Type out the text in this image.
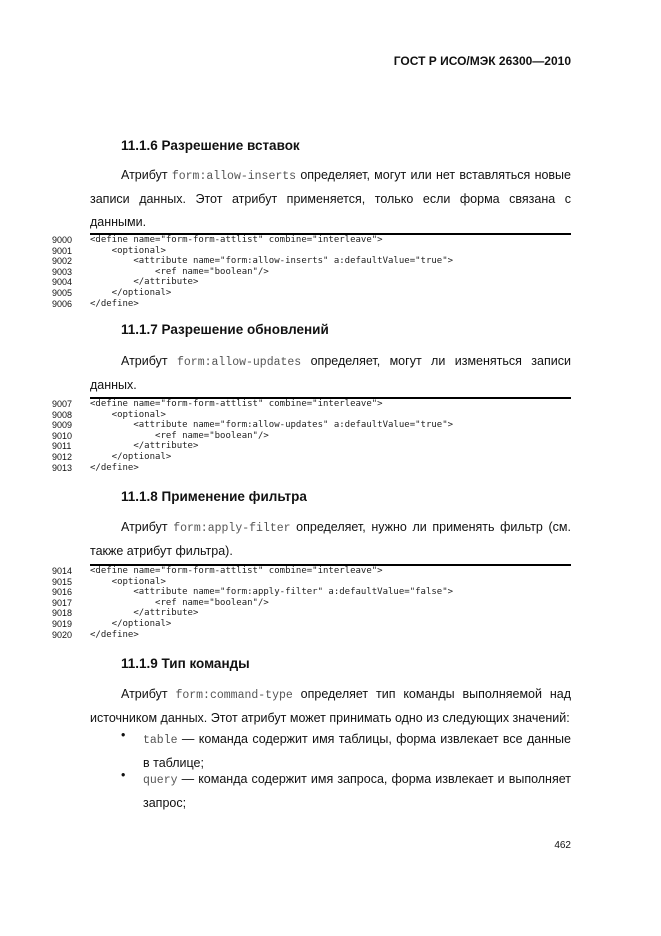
ГОСТ Р ИСО/МЭК 26300—2010
11.1.6 Разрешение вставок
Атрибут form:allow-inserts определяет, могут или нет вставляться новые записи данных. Этот атрибут применяется, только если форма связана с данными.
9000	<define name="form-form-attlist" combine="interleave">
9001	<optional>
9002	<attribute name="form:allow-inserts" a:defaultValue="true">
9003	<ref name="boolean"/>
9004	</attribute>
9005	</optional>
9006	</define>
11.1.7 Разрешение обновлений
Атрибут form:allow-updates определяет, могут ли изменяться записи данных.
9007	<define name="form-form-attlist" combine="interleave">
9008	<optional>
9009	<attribute name="form:allow-updates" a:defaultValue="true">
9010	<ref name="boolean"/>
9011	</attribute>
9012	</optional>
9013	</define>
11.1.8 Применение фильтра
Атрибут form:apply-filter определяет, нужно ли применять фильтр (см. также атрибут фильтра).
9014	<define name="form-form-attlist" combine="interleave">
9015	<optional>
9016	<attribute name="form:apply-filter" a:defaultValue="false">
9017	<ref name="boolean"/>
9018	</attribute>
9019	</optional>
9020	</define>
11.1.9 Тип команды
Атрибут form:command-type определяет тип команды выполняемой над источником данных. Этот атрибут может принимать одно из следующих значений:
• table — команда содержит имя таблицы, форма извлекает все данные в таблице;
• query — команда содержит имя запроса, форма извлекает и выполняет запрос;
462
